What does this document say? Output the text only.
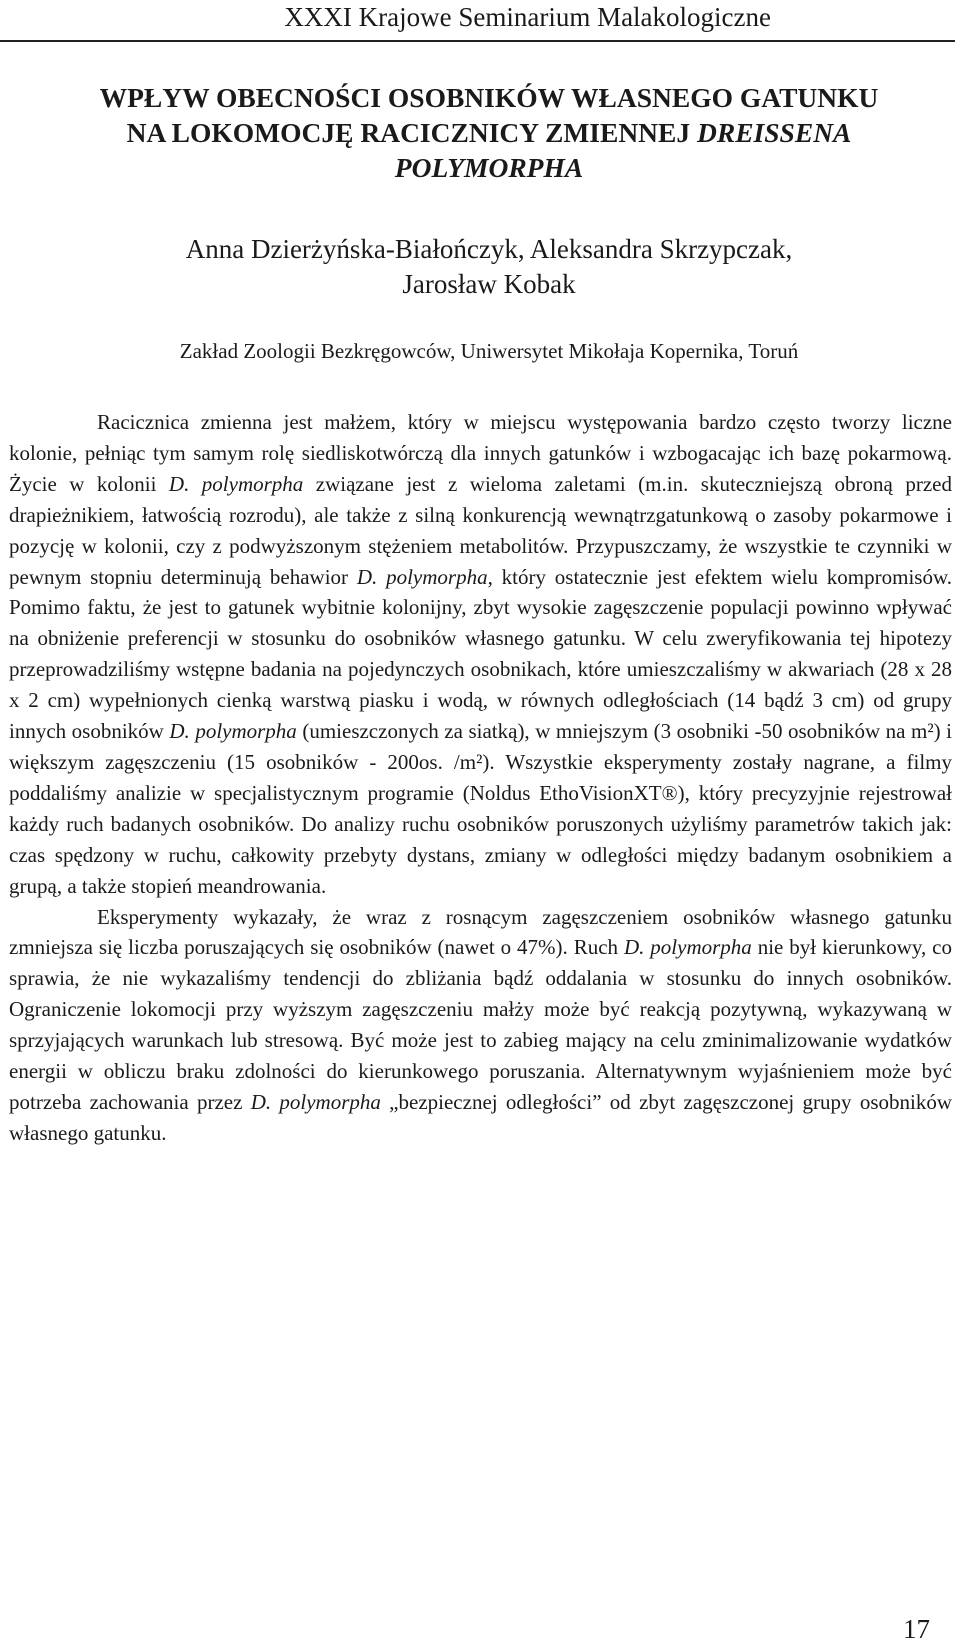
XXXI Krajowe Seminarium Malakologiczne
WPŁYW OBECNOŚCI OSOBNIKÓW WŁASNEGO GATUNKU
NA LOKOMOCJĘ RACICZNICY ZMIENNEJ DREISSENA
POLYMORPHA
Anna Dzierżyńska-Białończyk, Aleksandra Skrzypczak,
Jarosław Kobak
Zakład Zoologii Bezkręgowców, Uniwersytet Mikołaja Kopernika, Toruń

Racicznica zmienna jest małżem, który w miejscu występowania bardzo często tworzy liczne kolonie, pełniąc tym samym rolę siedliskotwórczą dla innych gatunków i wzbogacając ich bazę pokarmową. Życie w kolonii D. polymorpha związane jest z wieloma zaletami (m.in. skuteczniejszą obroną przed drapieżnikiem, łatwością rozrodu), ale także z silną konkurencją wewnątrzgatunkową o zasoby pokarmowe i pozycję w kolonii, czy z podwyższonym stężeniem metabolitów. Przypuszczamy, że wszystkie te czynniki w pewnym stopniu determinują behawior D. polymorpha, który ostatecznie jest efektem wielu kompromisów. Pomimo faktu, że jest to gatunek wybitnie kolonijny, zbyt wysokie zagęszczenie populacji powinno wpływać na obniżenie preferencji w stosunku do osobników własnego gatunku. W celu zweryfikowania tej hipotezy przeprowadziliśmy wstępne badania na pojedynczych osobnikach, które umieszczaliśmy w akwariach (28 x 28 x 2 cm) wypełnionych cienką warstwą piasku i wodą, w równych odległościach (14 bądź 3 cm) od grupy innych osobników D. polymorpha (umieszczonych za siatką), w mniejszym (3 osobniki -50 osobników na m²) i większym zagęszczeniu (15 osobników - 200os. /m²). Wszystkie eksperymenty zostały nagrane, a filmy poddaliśmy analizie w specjalistycznym programie (Noldus EthoVisionXT®), który precyzyjnie rejestrował każdy ruch badanych osobników. Do analizy ruchu osobników poruszonych użyliśmy parametrów takich jak: czas spędzony w ruchu, całkowity przebyty dystans, zmiany w odległości między badanym osobnikiem a grupą, a także stopień meandrowania.

Eksperymenty wykazały, że wraz z rosnącym zagęszczeniem osobników własnego gatunku zmniejsza się liczba poruszających się osobników (nawet o 47%). Ruch D. polymorpha nie był kierunkowy, co sprawia, że nie wykazaliśmy tendencji do zbliżania bądź oddalania w stosunku do innych osobników. Ograniczenie lokomocji przy wyższym zagęszczeniu małży może być reakcją pozytywną, wykazywaną w sprzyjających warunkach lub stresową. Być może jest to zabieg mający na celu zminimalizowanie wydatków energii w obliczu braku zdolności do kierunkowego poruszania. Alternatywnym wyjaśnieniem może być potrzeba zachowania przez D. polymorpha „bezpiecznej odległości” od zbyt zagęszczonej grupy osobników własnego gatunku.

17
